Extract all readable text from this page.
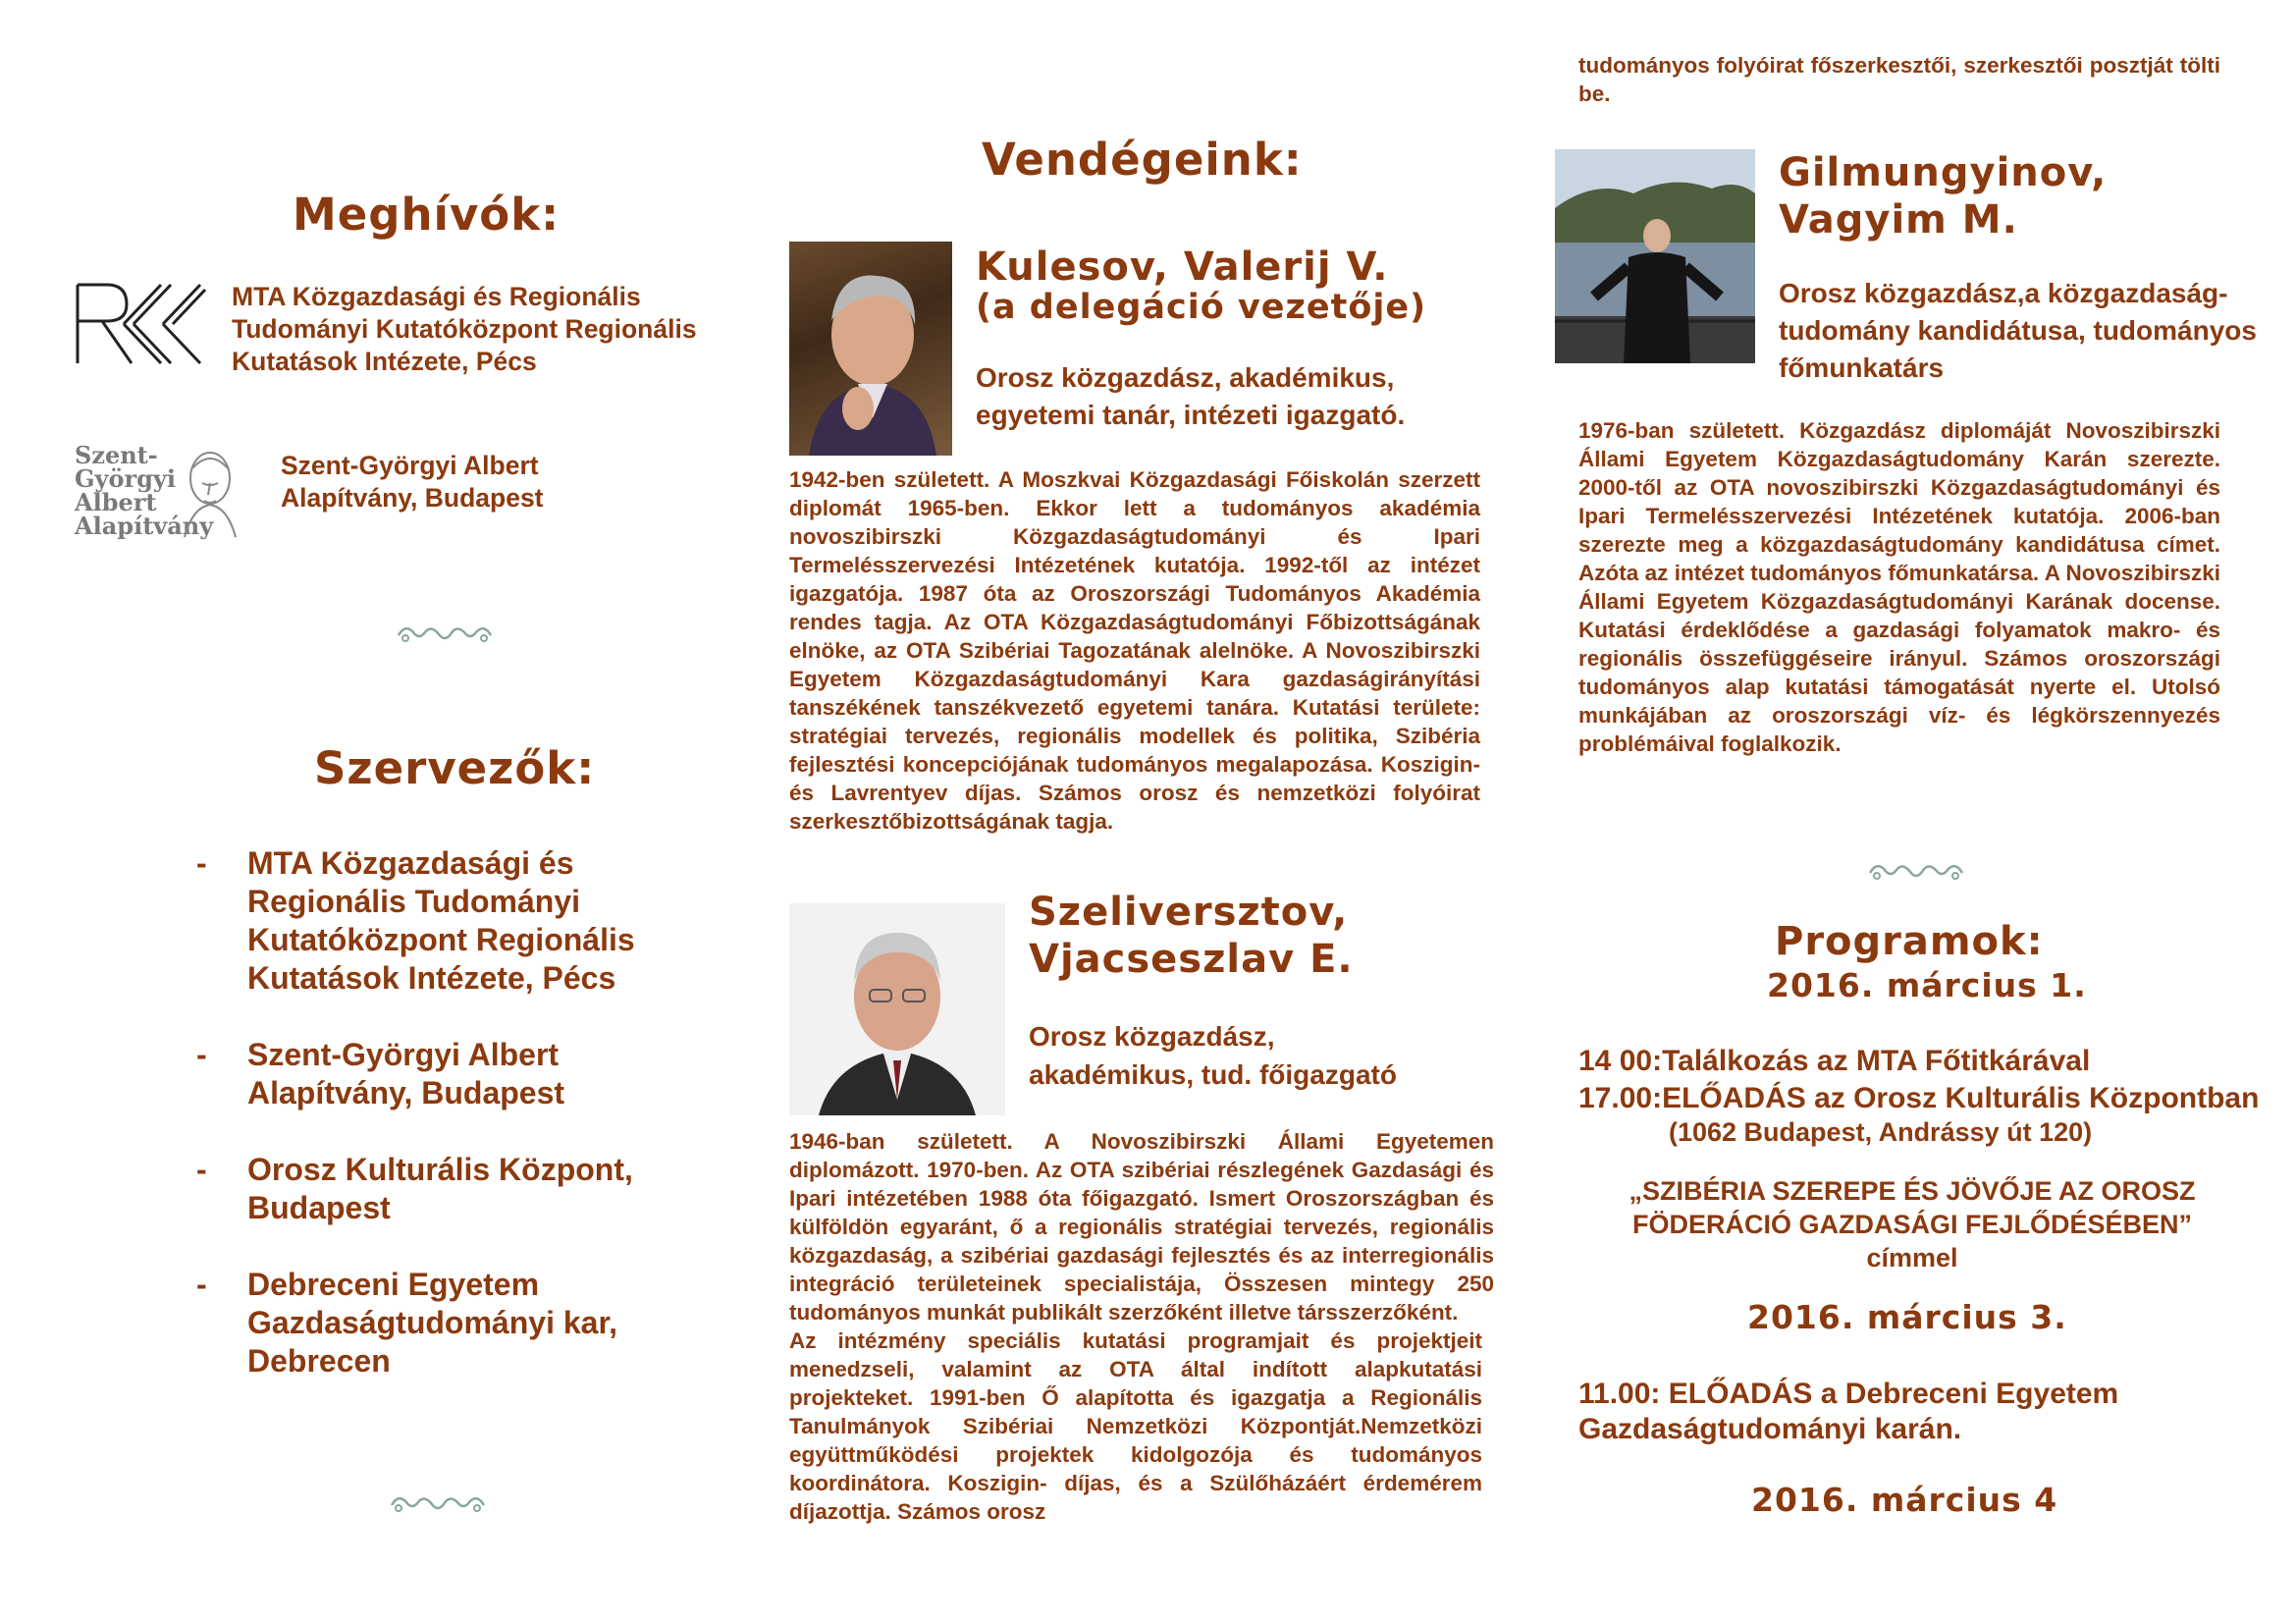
Meghívók:
MTA Közgazdasági és Regionális Tudományi Kutatóközpont Regionális Kutatások Intézete, Pécs
Szent-
Györgyi
Albert
Alapítvány
Szent-Györgyi Albert Alapítvány, Budapest
Szervezők:
- MTA Közgazdasági és Regionális Tudományi Kutatóközpont Regionális Kutatások Intézete, Pécs
- Szent-Györgyi Albert Alapítvány, Budapest
- Orosz Kulturális Központ, Budapest
- Debreceni Egyetem Gazdaságtudományi kar, Debrecen
Vendégeink:
Kulesov, Valerij V.
(a delegáció vezetője)
Orosz közgazdász, akadémikus, egyetemi tanár, intézeti igazgató.
1942-ben született. A Moszkvai Közgazdasági Főiskolán szerzett diplomát 1965-ben. Ekkor lett a tudományos akadémia novoszibirszki Közgazdaságtudományi és Ipari Termelésszervezési Intézetének kutatója. 1992-től az intézet igazgatója. 1987 óta az Oroszországi Tudományos Akadémia rendes tagja. Az OTA Közgazdaságtudományi Főbizottságának elnöke, az OTA Szibériai Tagozatának alelnöke. A Novoszibirszki Egyetem Közgazdaságtudományi Kara gazdaságirányítási tanszékének tanszékvezető egyetemi tanára. Kutatási területe: stratégiai tervezés, regionális modellek és politika, Szibéria fejlesztési koncepciójának tudományos megalapozása. Koszigin- és Lavrentyev díjas. Számos orosz és nemzetközi folyóirat szerkesztőbizottságának tagja.
Szeliversztov,
Vjacseszlav E.
Orosz közgazdász,
akadémikus, tud. főigazgató

1946-ban született. A Novoszibirszki Állami Egyetemen diplomázott. 1970-ben. Az OTA szibériai részlegének Gazdasági és Ipari intézetében 1988 óta főigazgató. Ismert Oroszországban és külföldön egyaránt, ő a regionális stratégiai tervezés, regionális közgazdaság, a szibériai gazdasági fejlesztés és az interregionális integráció területeinek specialistája, Összesen mintegy 250 tudományos munkát publikált szerzőként illetve társszerzőként.

Az intézmény speciális kutatási programjait és projektjeit menedzseli, valamint az OTA által indított alapkutatási projekteket. 1991-ben Ő alapította és igazgatja a Regionális Tanulmányok Szibériai Nemzetközi Központját.Nemzetközi együttműködési projektek kidolgozója és tudományos koordinátora. Koszigin- díjas, és a Szülőházáért érdemérem díjazottja. Számos orosz

tudományos folyóirat főszerkesztői, szerkesztői posztját tölti be.
Gilmungyinov,
Vagyim M.
Orosz közgazdász,a közgazdaság-tudomány kandidátusa, tudományos főmunkatárs
1976-ban született. Közgazdász diplomáját Novoszibirszki Állami Egyetem Közgazdaságtudomány Karán szerezte. 2000-től az OTA novoszibirszki Közgazdaságtudományi és Ipari Termelésszervezési Intézetének kutatója. 2006-ban szerezte meg a közgazdaságtudomány kandidátusa címet. Azóta az intézet tudományos főmunkatársa. A Novoszibirszki Állami Egyetem Közgazdaságtudományi Karának docense. Kutatási érdeklődése a gazdasági folyamatok makro- és regionális összefüggéseire irányul. Számos oroszországi tudományos alap kutatási támogatását nyerte el. Utolsó munkájában az oroszországi víz- és légkörszennyezés problémáival foglalkozik.
Programok:
2016. március 1.
14 00:Találkozás az MTA Főtitkárával
17.00:ELŐADÁS az Orosz Kulturális Központban
(1062 Budapest, Andrássy út 120)
„SZIBÉRIA SZEREPE ÉS JÖVŐJE AZ OROSZ
FÖDERÁCIÓ GAZDASÁGI FEJLŐDÉSÉBEN”
címmel
2016. március 3.
11.00: ELŐADÁS a Debreceni Egyetem
Gazdaságtudományi karán.
2016. március 4
